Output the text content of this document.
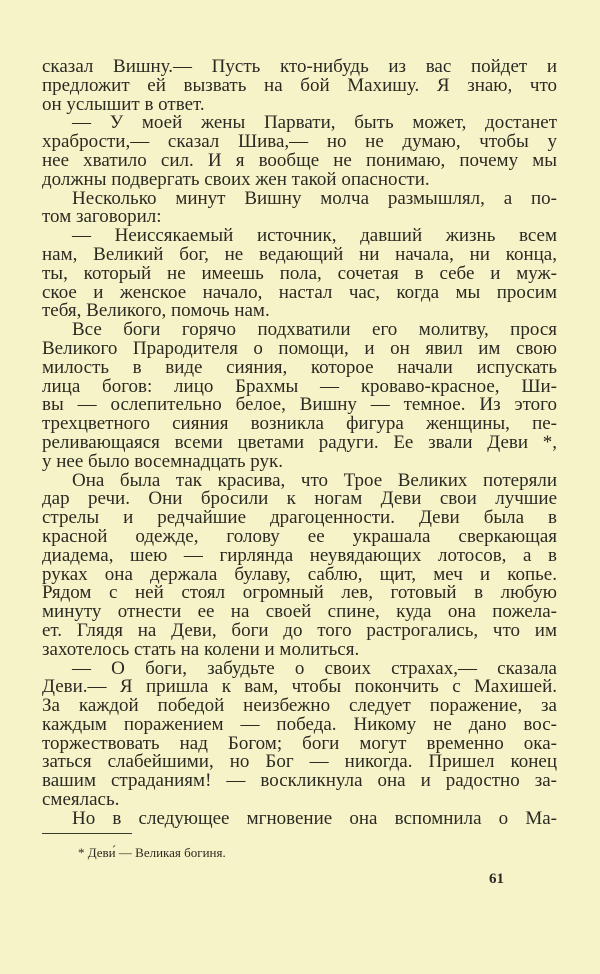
сказал Вишну.— Пусть кто-нибудь из вас пойдет и
предложит ей вызвать на бой Махишу. Я знаю, что
он услышит в ответ.
— У моей жены Парвати, быть может, достанет
храбрости,— сказал Шива,— но не думаю, чтобы у
нее хватило сил. И я вообще не понимаю, почему мы
должны подвергать своих жен такой опасности.
Несколько минут Вишну молча размышлял, а по-
том заговорил:
— Неиссякаемый источник, давший жизнь всем
нам, Великий бог, не ведающий ни начала, ни конца,
ты, который не имеешь пола, сочетая в себе и муж-
ское и женское начало, настал час, когда мы просим
тебя, Великого, помочь нам.
Все боги горячо подхватили его молитву, прося
Великого Прародителя о помощи, и он явил им свою
милость в виде сияния, которое начали испускать
лица богов: лицо Брахмы — кроваво-красное, Ши-
вы — ослепительно белое, Вишну — темное. Из этого
трехцветного сияния возникла фигура женщины, пе-
реливающаяся всеми цветами радуги. Ее звали Деви *,
у нее было восемнадцать рук.
Она была так красива, что Трое Великих потеряли
дар речи. Они бросили к ногам Деви свои лучшие
стрелы и редчайшие драгоценности. Деви была в
красной одежде, голову ее украшала сверкающая
диадема, шею — гирлянда неувядающих лотосов, а в
руках она держала булаву, саблю, щит, меч и копье.
Рядом с ней стоял огромный лев, готовый в любую
минуту отнести ее на своей спине, куда она пожела-
ет. Глядя на Деви, боги до того растрогались, что им
захотелось стать на колени и молиться.
— О боги, забудьте о своих страхах,— сказала
Деви.— Я пришла к вам, чтобы покончить с Махишей.
За каждой победой неизбежно следует поражение, за
каждым поражением — победа. Никому не дано вос-
торжествовать над Богом; боги могут временно ока-
заться слабейшими, но Бог — никогда. Пришел конец
вашим страданиям! — воскликнула она и радостно за-
смеялась.
Но в следующее мгновение она вспомнила о Ма-
* Деви́ — Великая богиня.
61
